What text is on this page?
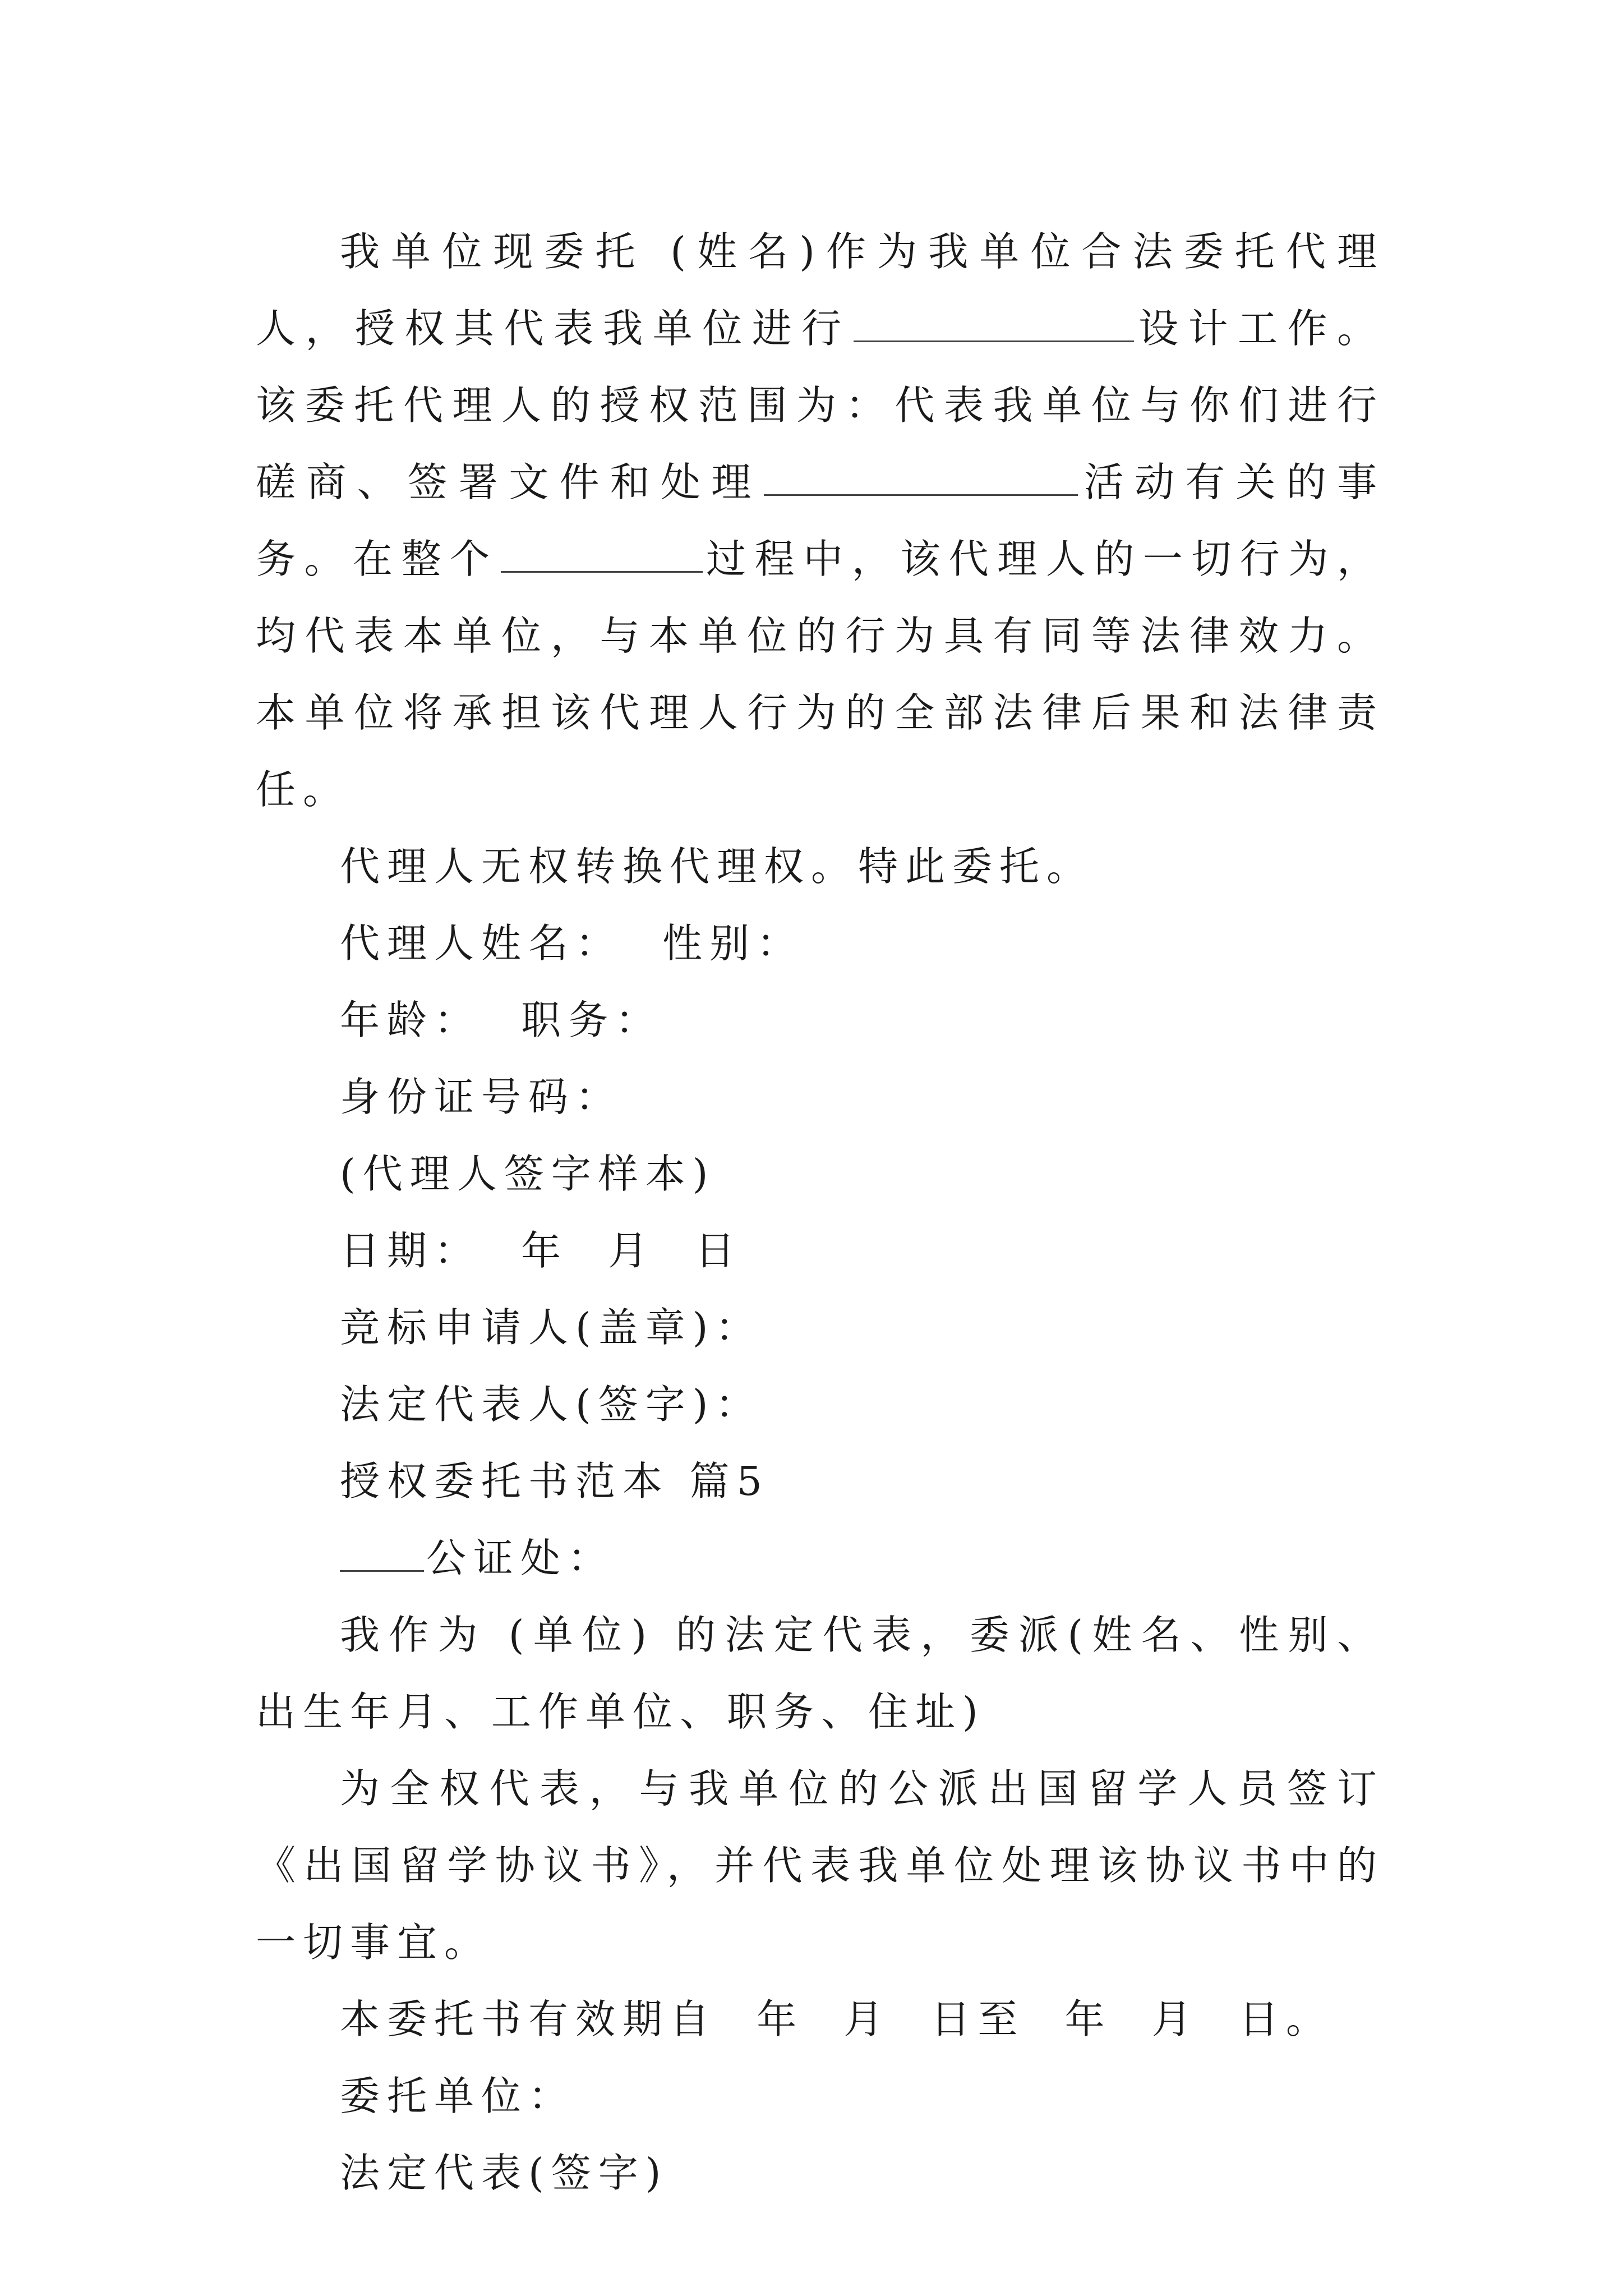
我单位现委托 (姓名)作为我单位合法委托代理人，授权其代表我单位进行	设计工作。该委托代理人的授权范围为：代表我单位与你们进行磋商、签署文件和处理	活动有关的事务。在整个	过程中，该代理人的一切行为，均代表本单位，与本单位的行为具有同等法律效力。本单位将承担该代理人行为的全部法律后果和法律责任。

代理人无权转换代理权。特此委托。

代理人姓名：  性别：

年龄：  职务：

身份证号码：

(代理人签字样本)

日期：  年  月  日

竞标申请人(盖章)：

法定代表人(签字)：

授权委托书范本 篇5

公证处：

我作为 (单位) 的法定代表，委派(姓名、性别、出生年月、工作单位、职务、住址)

为全权代表，与我单位的公派出国留学人员签订《出国留学协议书》，并代表我单位处理该协议书中的一切事宜。

本委托书有效期自  年  月  日至  年  月  日。

委托单位：

法定代表(签字)
